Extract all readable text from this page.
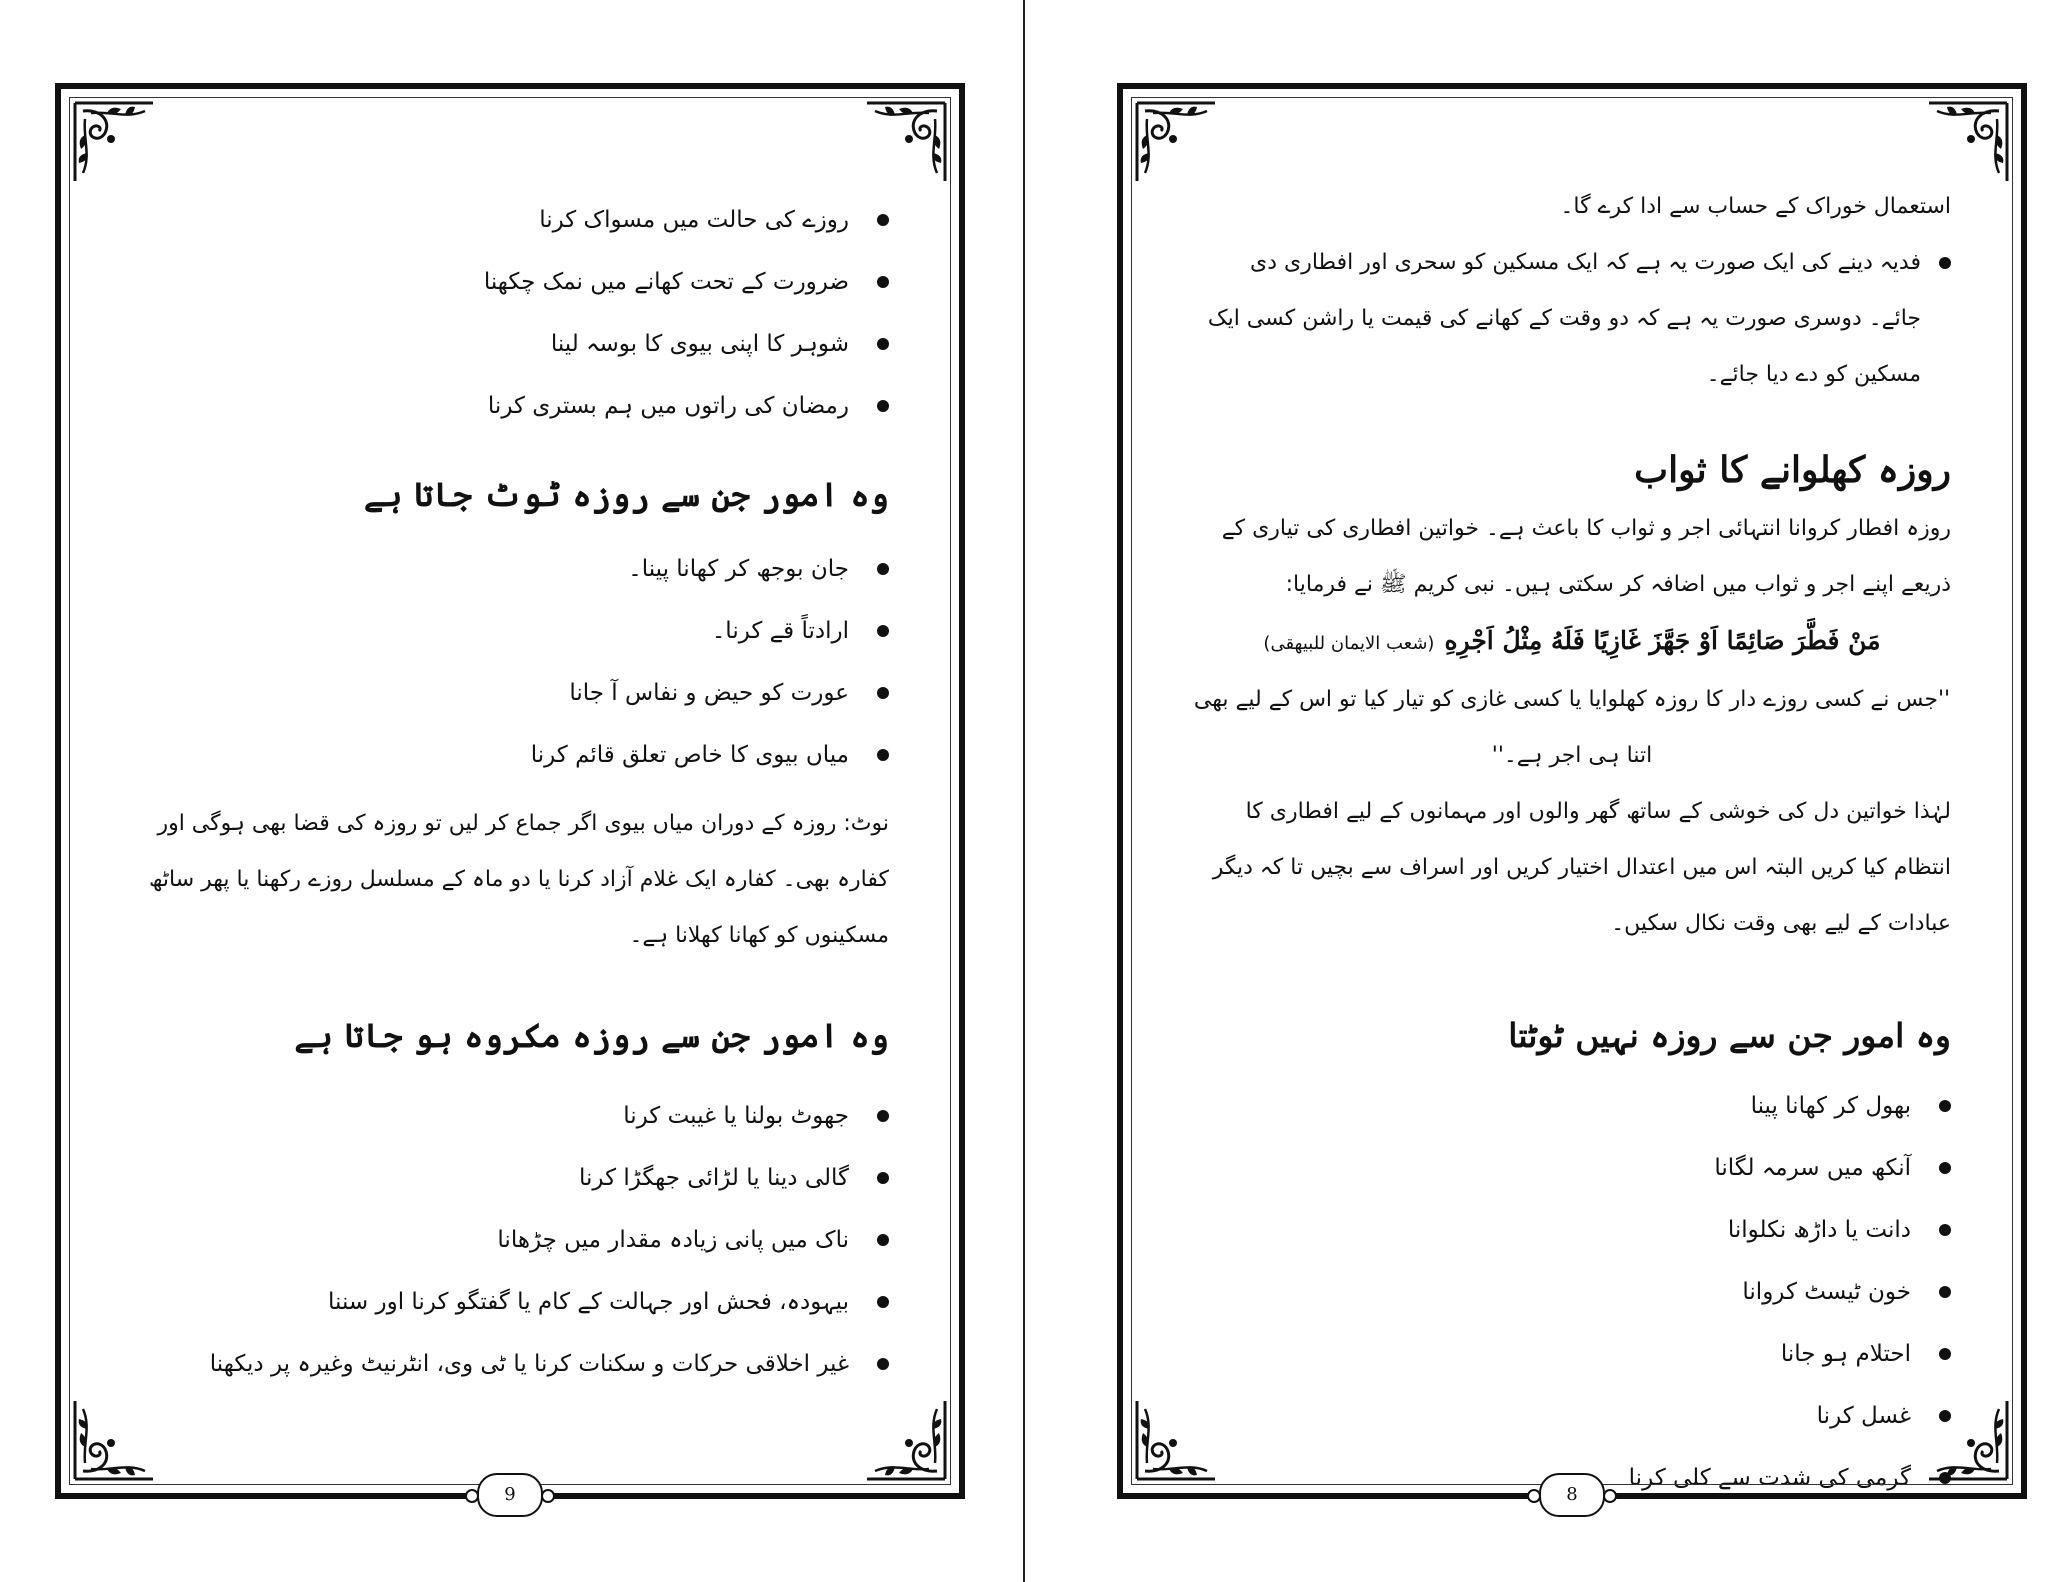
روزے کی حالت میں مسواک کرنا
ضرورت کے تحت کھانے میں نمک چکھنا
شوہر کا اپنی بیوی کا بوسہ لینا
رمضان کی راتوں میں ہم بستری کرنا
وہ امور جن سے روزہ ٹوٹ جاتا ہے
جان بوجھ کر کھانا پینا۔
ارادتاً قے کرنا۔
عورت کو حیض و نفاس آ جانا
میاں بیوی کا خاص تعلق قائم کرنا

نوٹ: روزہ کے دوران میاں بیوی اگر جماع کر لیں تو روزہ کی قضا بھی ہوگی اور کفارہ بھی۔ کفارہ ایک غلام آزاد کرنا یا دو ماہ کے مسلسل روزے رکھنا یا پھر ساٹھ مسکینوں کو کھانا کھلانا ہے۔

وہ امور جن سے روزہ مکروہ ہو جاتا ہے
جھوٹ بولنا یا غیبت کرنا
گالی دینا یا لڑائی جھگڑا کرنا
ناک میں پانی زیادہ مقدار میں چڑھانا
بیہودہ، فحش اور جہالت کے کام یا گفتگو کرنا اور سننا
غیر اخلاقی حرکات و سکنات کرنا یا ٹی وی، انٹرنیٹ وغیرہ پر دیکھنا
9

استعمال خوراک کے حساب سے ادا کرے گا۔

فدیہ دینے کی ایک صورت یہ ہے کہ ایک مسکین کو سحری اور افطاری دی جائے۔ دوسری صورت یہ ہے کہ دو وقت کے کھانے کی قیمت یا راشن کسی ایک مسکین کو دے دیا جائے۔

روزہ کھلوانے کا ثواب

روزہ افطار کروانا انتہائی اجر و ثواب کا باعث ہے۔ خواتین افطاری کی تیاری کے ذریعے اپنے اجر و ثواب میں اضافہ کر سکتی ہیں۔ نبی کریم ﷺ نے فرمایا:

مَنْ فَطَّرَ صَائِمًا اَوْ جَهَّزَ غَازِيًا فَلَهُ مِثْلُ اَجْرِهِ(شعب الایمان للبیهقی)

''جس نے کسی روزے دار کا روزہ کھلوایا یا کسی غازی کو تیار کیا تو اس کے لیے بھی اتنا ہی اجر ہے۔''

لہٰذا خواتین دل کی خوشی کے ساتھ گھر والوں اور مہمانوں کے لیے افطاری کا انتظام کیا کریں البتہ اس میں اعتدال اختیار کریں اور اسراف سے بچیں تا کہ دیگر عبادات کے لیے بھی وقت نکال سکیں۔

وہ امور جن سے روزہ نہیں ٹوٹتا
بھول کر کھانا پینا
آنکھ میں سرمہ لگانا
دانت یا داڑھ نکلوانا
خون ٹیسٹ کروانا
احتلام ہو جانا
غسل کرنا
گرمی کی شدت سے کلی کرنا
8
